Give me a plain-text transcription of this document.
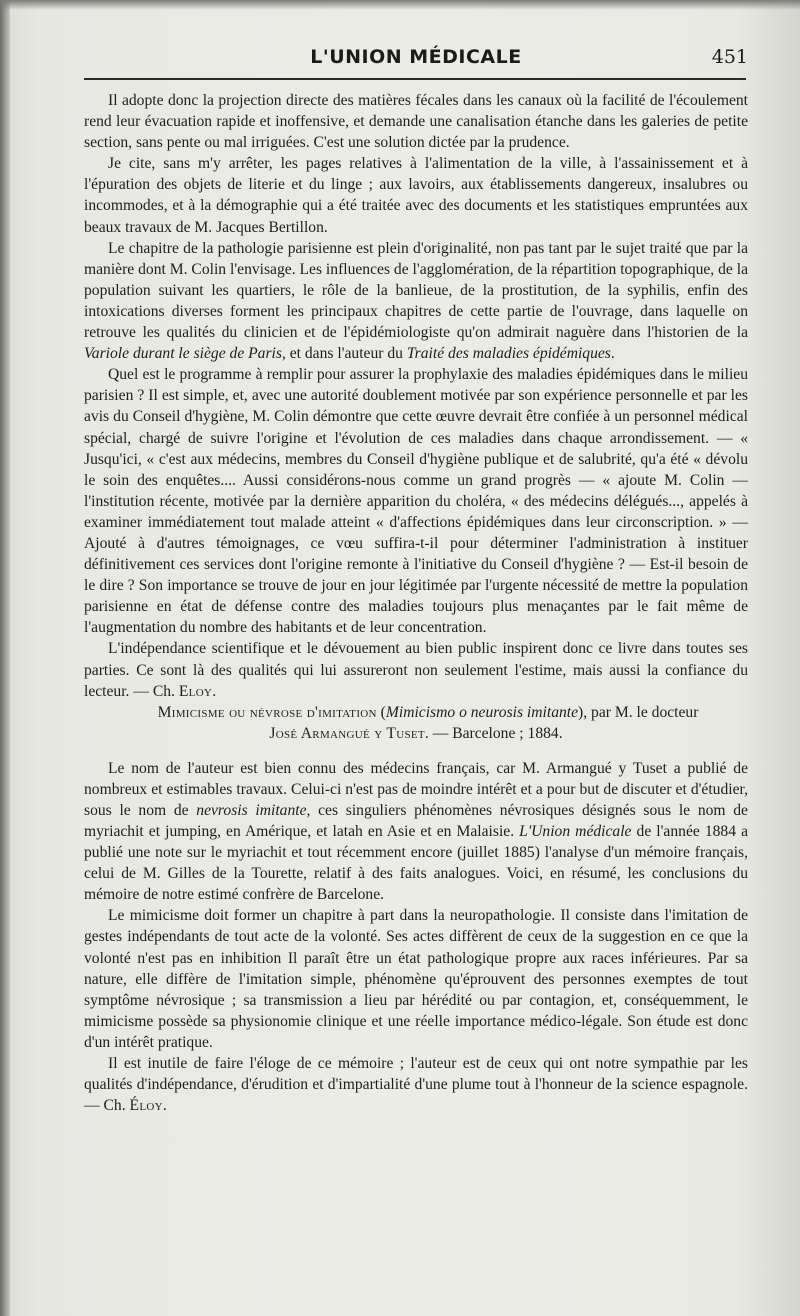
L'UNION MÉDICALE	451

Il adopte donc la projection directe des matières fécales dans les canaux où la facilité de l'écoulement rend leur évacuation rapide et inoffensive, et demande une canalisation étanche dans les galeries de petite section, sans pente ou mal irriguées. C'est une solution dictée par la prudence.

Je cite, sans m'y arrêter, les pages relatives à l'alimentation de la ville, à l'assainissement et à l'épuration des objets de literie et du linge ; aux lavoirs, aux établissements dangereux, insalubres ou incommodes, et à la démographie qui a été traitée avec des documents et les statistiques empruntées aux beaux travaux de M. Jacques Bertillon.

Le chapitre de la pathologie parisienne est plein d'originalité, non pas tant par le sujet traité que par la manière dont M. Colin l'envisage. Les influences de l'agglomération, de la répartition topographique, de la population suivant les quartiers, le rôle de la banlieue, de la prostitution, de la syphilis, enfin des intoxications diverses forment les principaux chapitres de cette partie de l'ouvrage, dans laquelle on retrouve les qualités du clinicien et de l'épidémiologiste qu'on admirait naguère dans l'historien de la Variole durant le siège de Paris, et dans l'auteur du Traité des maladies épidémiques.

Quel est le programme à remplir pour assurer la prophylaxie des maladies épidémiques dans le milieu parisien ? Il est simple, et, avec une autorité doublement motivée par son expérience personnelle et par les avis du Conseil d'hygiène, M. Colin démontre que cette œuvre devrait être confiée à un personnel médical spécial, chargé de suivre l'origine et l'évolution de ces maladies dans chaque arrondissement. — « Jusqu'ici, « c'est aux médecins, membres du Conseil d'hygiène publique et de salubrité, qu'a été « dévolu le soin des enquêtes.... Aussi considérons-nous comme un grand progrès — « ajoute M. Colin — l'institution récente, motivée par la dernière apparition du choléra, « des médecins délégués..., appelés à examiner immédiatement tout malade atteint « d'affections épidémiques dans leur circonscription. » — Ajouté à d'autres témoignages, ce vœu suffira-t-il pour déterminer l'administration à instituer définitivement ces services dont l'origine remonte à l'initiative du Conseil d'hygiène ? — Est-il besoin de le dire ? Son importance se trouve de jour en jour légitimée par l'urgente nécessité de mettre la population parisienne en état de défense contre des maladies toujours plus menaçantes par le fait même de l'augmentation du nombre des habitants et de leur concentration.

L'indépendance scientifique et le dévouement au bien public inspirent donc ce livre dans toutes ses parties. Ce sont là des qualités qui lui assureront non seulement l'estime, mais aussi la confiance du lecteur. — Ch. Eloy.

Mimicisme ou névrose d'imitation (Mimicismo o neurosis imitante), par M. le docteur
José Armangué y Tuset. — Barcelone ; 1884.

Le nom de l'auteur est bien connu des médecins français, car M. Armangué y Tuset a publié de nombreux et estimables travaux. Celui-ci n'est pas de moindre intérêt et a pour but de discuter et d'étudier, sous le nom de nevrosis imitante, ces singuliers phénomènes névrosiques désignés sous le nom de myriachit et jumping, en Amérique, et latah en Asie et en Malaisie. L'Union médicale de l'année 1884 a publié une note sur le myriachit et tout récemment encore (juillet 1885) l'analyse d'un mémoire français, celui de M. Gilles de la Tourette, relatif à des faits analogues. Voici, en résumé, les conclusions du mémoire de notre estimé confrère de Barcelone.

Le mimicisme doit former un chapitre à part dans la neuropathologie. Il consiste dans l'imitation de gestes indépendants de tout acte de la volonté. Ses actes diffèrent de ceux de la suggestion en ce que la volonté n'est pas en inhibition Il paraît être un état pathologique propre aux races inférieures. Par sa nature, elle diffère de l'imitation simple, phénomène qu'éprouvent des personnes exemptes de tout symptôme névrosique ; sa transmission a lieu par hérédité ou par contagion, et, conséquemment, le mimicisme possède sa physionomie clinique et une réelle importance médico-légale. Son étude est donc d'un intérêt pratique.

Il est inutile de faire l'éloge de ce mémoire ; l'auteur est de ceux qui ont notre sympathie par les qualités d'indépendance, d'érudition et d'impartialité d'une plume tout à l'honneur de la science espagnole. — Ch. Éloy.
